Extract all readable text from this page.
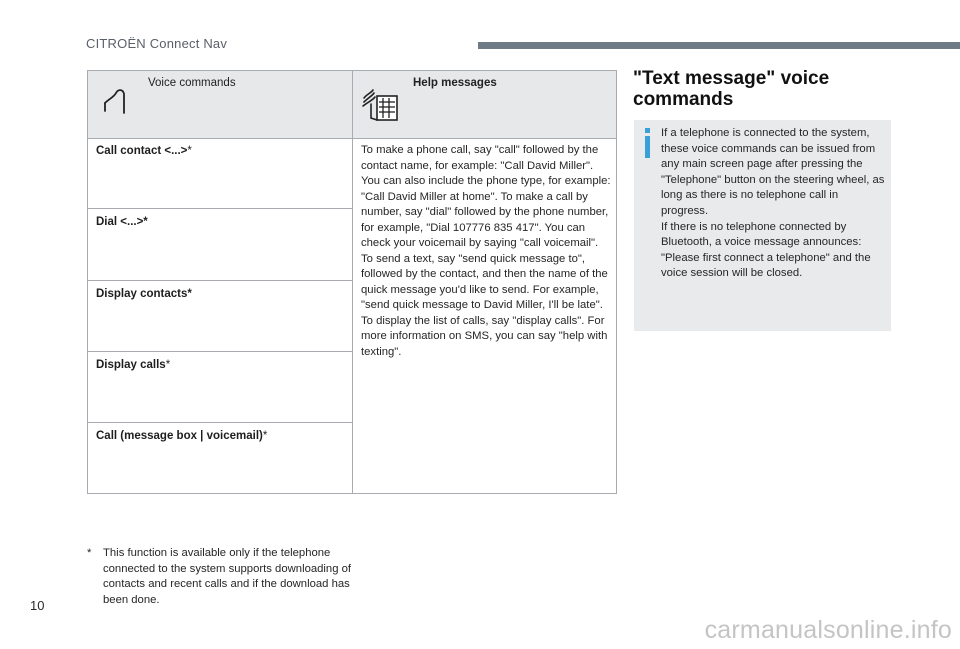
CITROËN Connect Nav
Voice commands	Help messages
Call contact <...>*
Dial <...>*
Display contacts*
Display calls*
Call (message box | voicemail)*
To make a phone call, say "call" followed by the contact name, for example: "Call David Miller". You can also include the phone type, for example: "Call David Miller at home". To make a call by number, say "dial" followed by the phone number, for example, "Dial 107776 835 417". You can check your voicemail by saying "call voicemail". To send a text, say "send quick message to", followed by the contact, and then the name of the quick message you'd like to send. For example, "send quick message to David Miller, I'll be late". To display the list of calls, say "display calls". For more information on SMS, you can say "help with texting".
*	This function is available only if the telephone connected to the system supports downloading of contacts and recent calls and if the download has been done.
"Text message" voice commands
If a telephone is connected to the system, these voice commands can be issued from any main screen page after pressing the "Telephone" button on the steering wheel, as long as there is no telephone call in progress.
If there is no telephone connected by Bluetooth, a voice message announces: "Please first connect a telephone" and the voice session will be closed.
10
carmanualsonline.info
